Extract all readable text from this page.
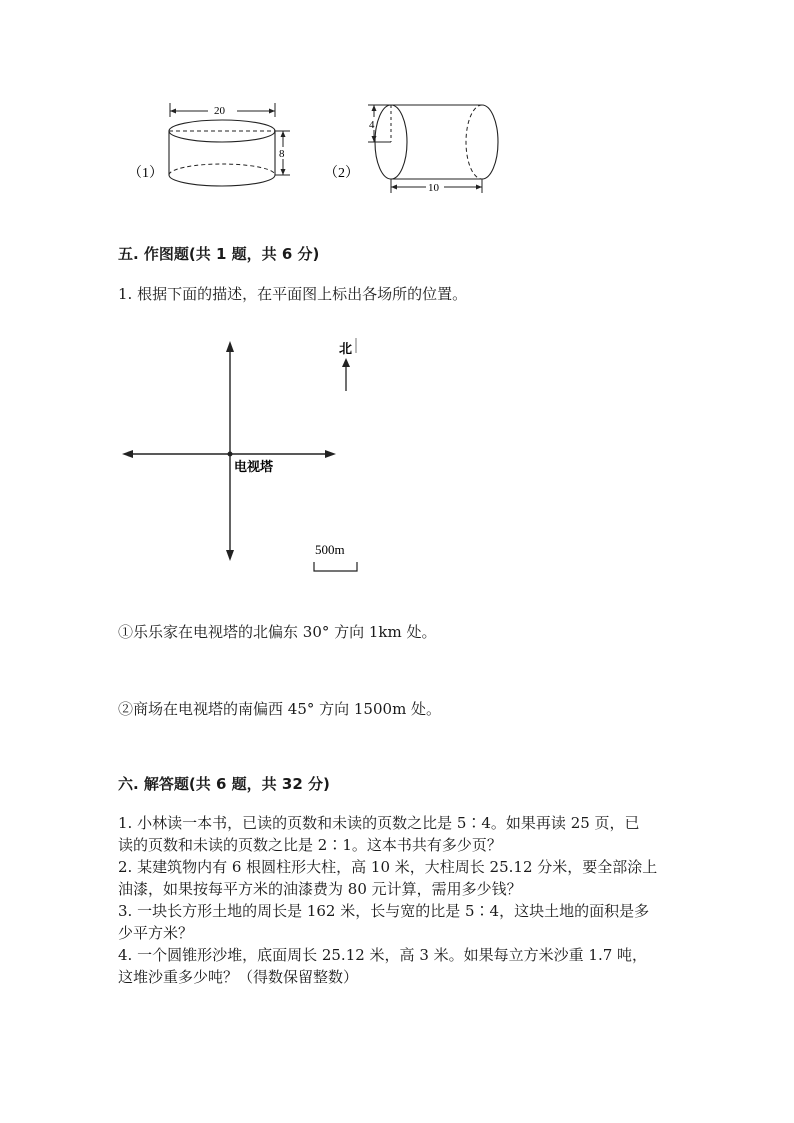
（1）
20
8
（2）
4
10
五. 作图题(共 1 题，共 6 分)
1. 根据下面的描述，在平面图上标出各场所的位置。
电视塔
北
500m
①乐乐家在电视塔的北偏东 30° 方向 1km 处。
②商场在电视塔的南偏西 45° 方向 1500m 处。
六. 解答题(共 6 题，共 32 分)
1. 小林读一本书，已读的页数和未读的页数之比是 5∶4。如果再读 25 页，已
读的页数和未读的页数之比是 2∶1。这本书共有多少页？
2. 某建筑物内有 6 根圆柱形大柱，高 10 米，大柱周长 25.12 分米，要全部涂上
油漆，如果按每平方米的油漆费为 80 元计算，需用多少钱？
3. 一块长方形土地的周长是 162 米，长与宽的比是 5∶4，这块土地的面积是多
少平方米？
4. 一个圆锥形沙堆，底面周长 25.12 米，高 3 米。如果每立方米沙重 1.7 吨，
这堆沙重多少吨？（得数保留整数）
